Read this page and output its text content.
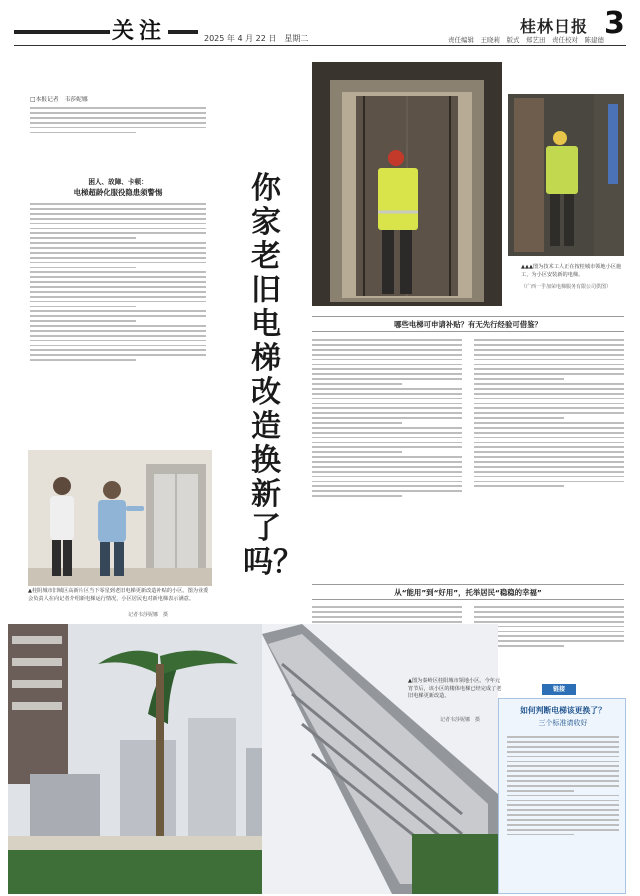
关注	2025 年 4 月 22 日　星期二	责任编辑　王晓莉　版式　郑艺田　责任校对　陈建德
桂林日报 3
□本报记者　韦莎妮娜
困人、故障、卡顿：
电梯超龄化服役隐患须警惕
▲桂阴城市旧城区高新片区当下零星到老旧电梯更新改造补贴的小区。图为业委会负责人在向记者介绍新电梯运行情况，小区居民也对新电梯表示满意。
记者韦莎妮娜　摄
你家老旧电梯改造换新了吗？
▲▲▲图为技术工人正在按桂城市领地小区施工，为小区安装新的电梯。
（广西一乎加荣电梯服务有限公司供图）
哪些电梯可申请补贴？有无先行经验可借鉴？
从“能用”到“好用”，托举居民“稳稳的幸福”
▲图为秦岭区桂阳城市领地小区。今年元宵节后，该小区的楼体电梯已经完成了老旧电梯更新改造。
记者韦莎妮娜　摄
链接
如何判断电梯该更换了？
三个标准请收好
